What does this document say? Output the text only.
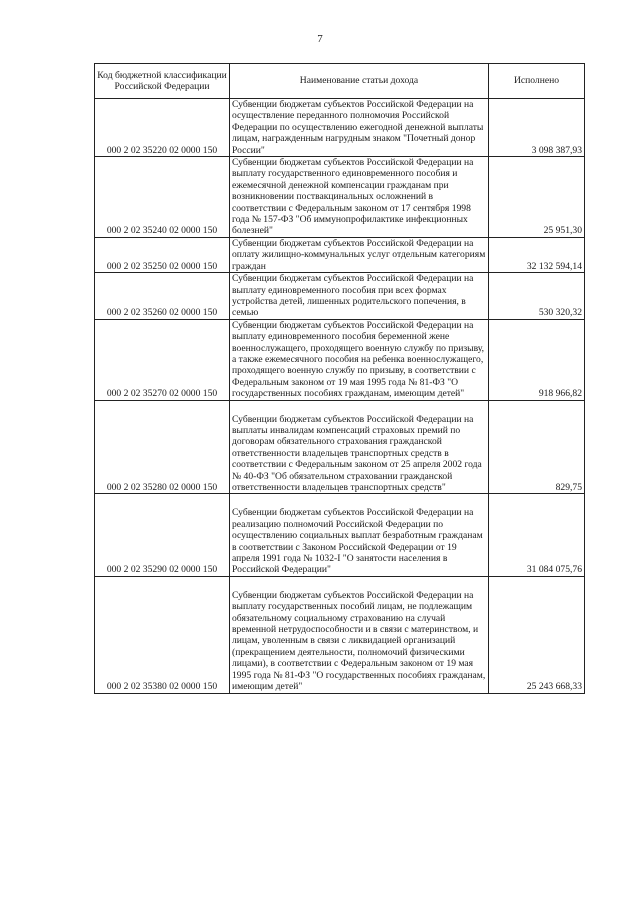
7
Код бюджетной классификации Российской Федерации	Наименование статьи дохода	Исполнено
000 2 02 35220 02 0000 150	Субвенции бюджетам субъектов Российской Федерации на осуществление переданного полномочия Российской Федерации по осуществлению ежегодной денежной выплаты лицам, награжденным нагрудным знаком "Почетный донор России"	3 098 387,93
000 2 02 35240 02 0000 150	Субвенции бюджетам субъектов Российской Федерации на выплату государственного единовременного пособия и ежемесячной денежной компенсации гражданам при возникновении поствакцинальных осложнений в соответствии с Федеральным законом от 17 сентября 1998 года № 157-ФЗ "Об иммунопрофилактике инфекционных болезней"	25 951,30
000 2 02 35250 02 0000 150	Субвенции бюджетам субъектов Российской Федерации на оплату жилищно-коммунальных услуг отдельным категориям граждан	32 132 594,14
000 2 02 35260 02 0000 150	Субвенции бюджетам субъектов Российской Федерации на выплату единовременного пособия при всех формах устройства детей, лишенных родительского попечения, в семью	530 320,32
000 2 02 35270 02 0000 150	Субвенции бюджетам субъектов Российской Федерации на выплату единовременного пособия беременной жене военнослужащего, проходящего военную службу по призыву, а также ежемесячного пособия на ребенка военнослужащего, проходящего военную службу по призыву, в соответствии с Федеральным законом от 19 мая 1995 года № 81-ФЗ "О государственных пособиях гражданам, имеющим детей"	918 966,82
000 2 02 35280 02 0000 150	Субвенции бюджетам субъектов Российской Федерации на выплаты инвалидам компенсаций страховых премий по договорам обязательного страхования гражданской ответственности владельцев транспортных средств в соответствии с Федеральным законом от 25 апреля 2002 года № 40-ФЗ "Об обязательном страховании гражданской ответственности владельцев транспортных средств"	829,75
000 2 02 35290 02 0000 150	Субвенции бюджетам субъектов Российской Федерации на реализацию полномочий Российской Федерации по осуществлению социальных выплат безработным гражданам в соответствии с Законом Российской Федерации от 19 апреля 1991 года № 1032-I "О занятости населения в Российской Федерации"	31 084 075,76
000 2 02 35380 02 0000 150	Субвенции бюджетам субъектов Российской Федерации на выплату государственных пособий лицам, не подлежащим обязательному социальному страхованию на случай временной нетрудоспособности и в связи с материнством, и лицам, уволенным в связи с ликвидацией организаций (прекращением деятельности, полномочий физическими лицами), в соответствии с Федеральным законом от 19 мая 1995 года № 81-ФЗ "О государственных пособиях гражданам, имеющим детей"	25 243 668,33
